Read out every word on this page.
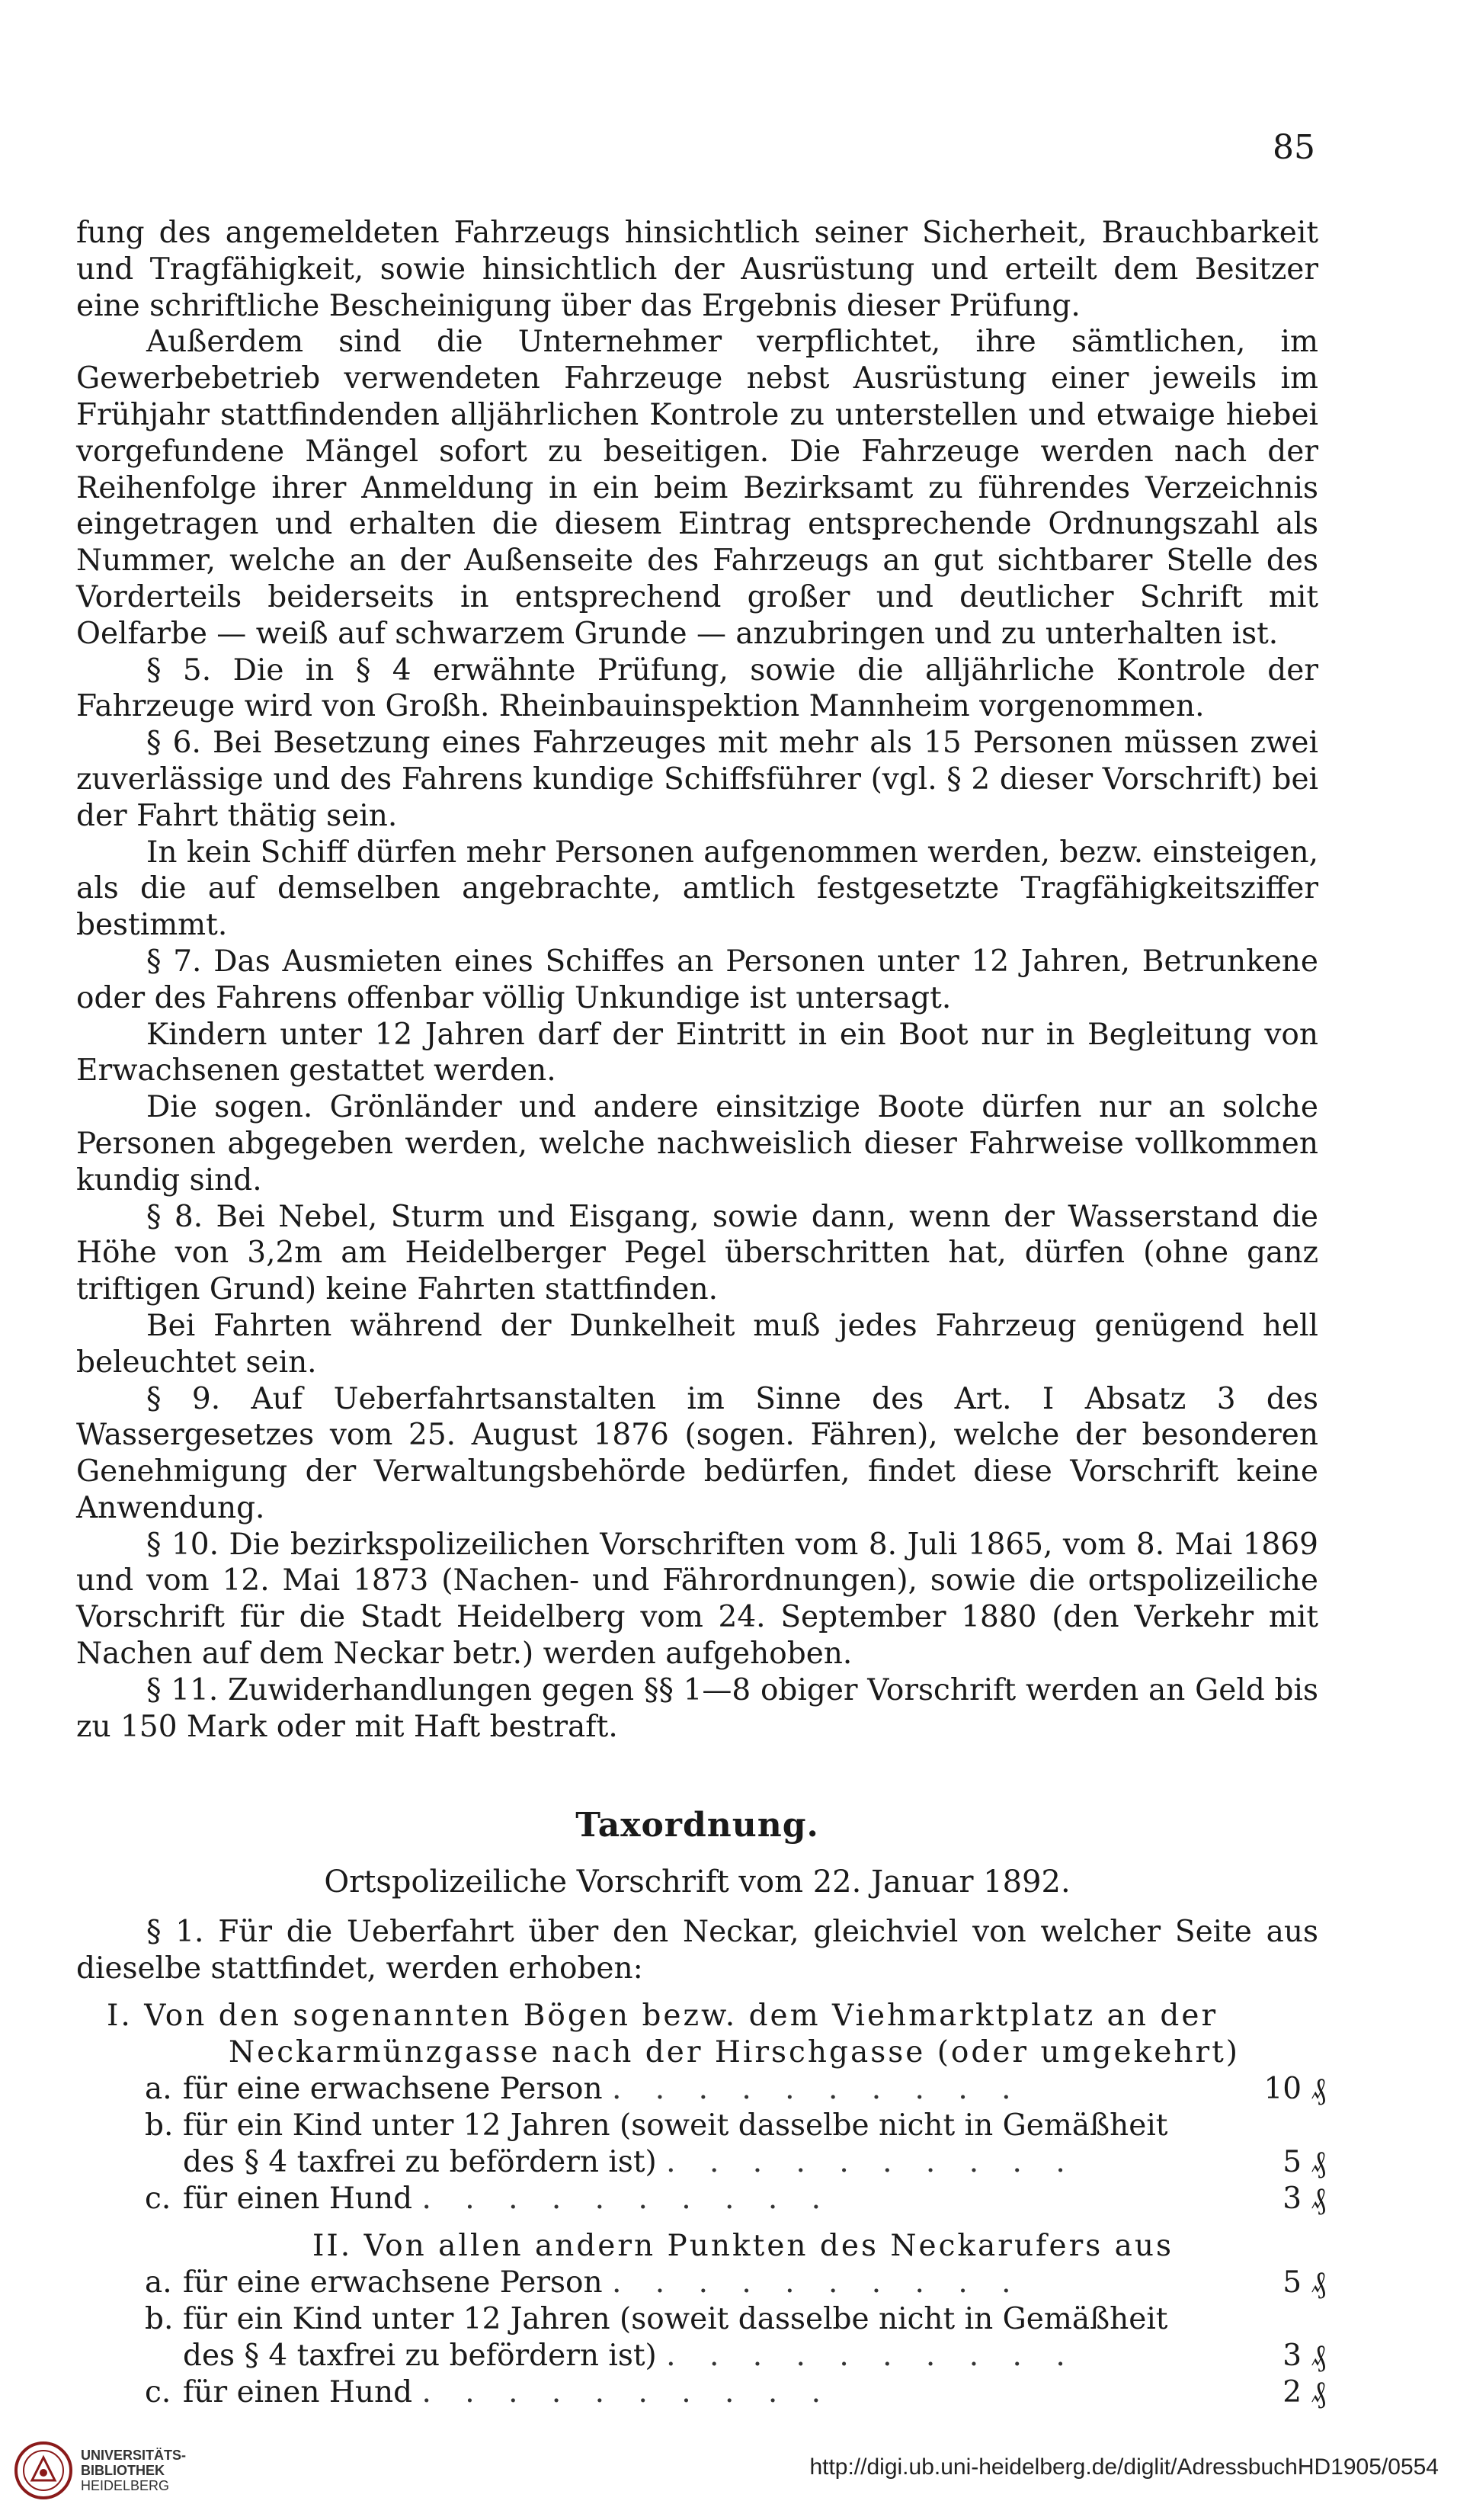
85

fung des angemeldeten Fahrzeugs hinsichtlich seiner Sicherheit, Brauchbarkeit und Tragfähigkeit, sowie hinsichtlich der Ausrüstung und erteilt dem Besitzer eine schriftliche Bescheinigung über das Ergebnis dieser Prüfung.

Außerdem sind die Unternehmer verpflichtet, ihre sämtlichen, im Gewerbebetrieb verwendeten Fahrzeuge nebst Ausrüstung einer jeweils im Frühjahr stattfindenden alljährlichen Kontrole zu unterstellen und etwaige hiebei vorgefundene Mängel sofort zu beseitigen. Die Fahrzeuge werden nach der Reihenfolge ihrer Anmeldung in ein beim Bezirksamt zu führendes Verzeichnis eingetragen und erhalten die diesem Eintrag entsprechende Ordnungszahl als Nummer, welche an der Außenseite des Fahrzeugs an gut sichtbarer Stelle des Vorderteils beiderseits in entsprechend großer und deutlicher Schrift mit Oelfarbe — weiß auf schwarzem Grunde — anzubringen und zu unterhalten ist.

§ 5. Die in § 4 erwähnte Prüfung, sowie die alljährliche Kontrole der Fahrzeuge wird von Großh. Rheinbauinspektion Mannheim vorgenommen.

§ 6. Bei Besetzung eines Fahrzeuges mit mehr als 15 Personen müssen zwei zuverlässige und des Fahrens kundige Schiffsführer (vgl. § 2 dieser Vorschrift) bei der Fahrt thätig sein.

In kein Schiff dürfen mehr Personen aufgenommen werden, bezw. einsteigen, als die auf demselben angebrachte, amtlich festgesetzte Tragfähigkeitsziffer bestimmt.

§ 7. Das Ausmieten eines Schiffes an Personen unter 12 Jahren, Betrunkene oder des Fahrens offenbar völlig Unkundige ist untersagt.

Kindern unter 12 Jahren darf der Eintritt in ein Boot nur in Begleitung von Erwachsenen gestattet werden.

Die sogen. Grönländer und andere einsitzige Boote dürfen nur an solche Personen abgegeben werden, welche nachweislich dieser Fahrweise vollkommen kundig sind.

§ 8. Bei Nebel, Sturm und Eisgang, sowie dann, wenn der Wasserstand die Höhe von 3,2m am Heidelberger Pegel überschritten hat, dürfen (ohne ganz triftigen Grund) keine Fahrten stattfinden.

Bei Fahrten während der Dunkelheit muß jedes Fahrzeug genügend hell beleuchtet sein.

§ 9. Auf Ueberfahrtsanstalten im Sinne des Art. I Absatz 3 des Wassergesetzes vom 25. August 1876 (sogen. Fähren), welche der besonderen Genehmigung der Verwaltungsbehörde bedürfen, findet diese Vorschrift keine Anwendung.

§ 10. Die bezirkspolizeilichen Vorschriften vom 8. Juli 1865, vom 8. Mai 1869 und vom 12. Mai 1873 (Nachen- und Fährordnungen), sowie die ortspolizeiliche Vorschrift für die Stadt Heidelberg vom 24. September 1880 (den Verkehr mit Nachen auf dem Neckar betr.) werden aufgehoben.

§ 11. Zuwiderhandlungen gegen §§ 1—8 obiger Vorschrift werden an Geld bis zu 150 Mark oder mit Haft bestraft.

Taxordnung.
Ortspolizeiliche Vorschrift vom 22. Januar 1892.

§ 1. Für die Ueberfahrt über den Neckar, gleichviel von welcher Seite aus dieselbe stattfindet, werden erhoben:

I. Von den sogenannten Bögen bezw. dem Viehmarktplatz an der
Neckarmünzgasse nach der Hirschgasse (oder umgekehrt)
a. für eine erwachsene Person . . . . . . . . . .	10 ₰
b. für ein Kind unter 12 Jahren (soweit dasselbe nicht in Gemäßheit
des § 4 taxfrei zu befördern ist) . . . . . . . . . .	5 ₰
c. für einen Hund . . . . . . . . . .	3 ₰
II. Von allen andern Punkten des Neckarufers aus
a. für eine erwachsene Person . . . . . . . . . .	5 ₰
b. für ein Kind unter 12 Jahren (soweit dasselbe nicht in Gemäßheit
des § 4 taxfrei zu befördern ist) . . . . . . . . . .	3 ₰
c. für einen Hund . . . . . . . . . .	2 ₰
UNIVERSITÄTS-
BIBLIOTHEK
HEIDELBERG
http://digi.ub.uni-heidelberg.de/diglit/AdressbuchHD1905/0554
